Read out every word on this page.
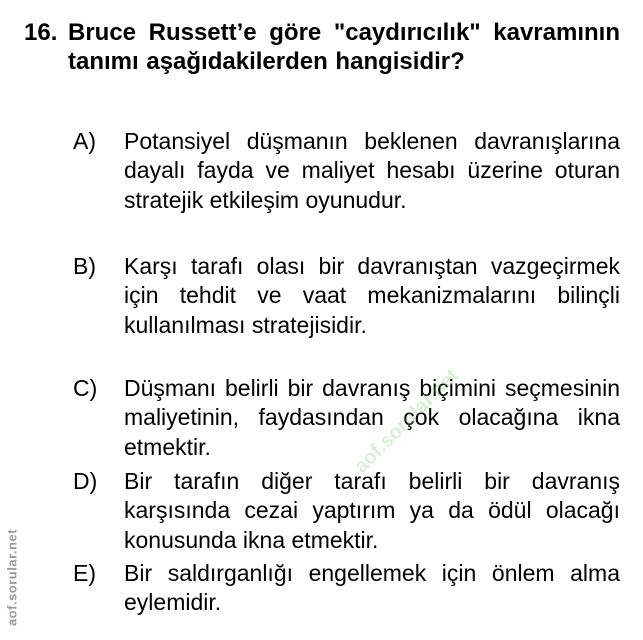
16. Bruce Russett’e göre "caydırıcılık" kavramının tanımı aşağıdakilerden hangisidir?
A) Potansiyel düşmanın beklenen davranışlarına dayalı fayda ve maliyet hesabı üzerine oturan stratejik etkileşim oyunudur.
B) Karşı tarafı olası bir davranıştan vazgeçirmek için tehdit ve vaat mekanizmalarını bilinçli kullanılması stratejisidir.
C) Düşmanı belirli bir davranış biçimini seçmesinin maliyetinin, faydasından çok olacağına ikna etmektir.
D) Bir tarafın diğer tarafı belirli bir davranış karşısında cezai yaptırım ya da ödül olacağı konusunda ikna etmektir.
E) Bir saldırganlığı engellemek için önlem alma eylemidir.
aof.sorular.net
aof.sorular.net
